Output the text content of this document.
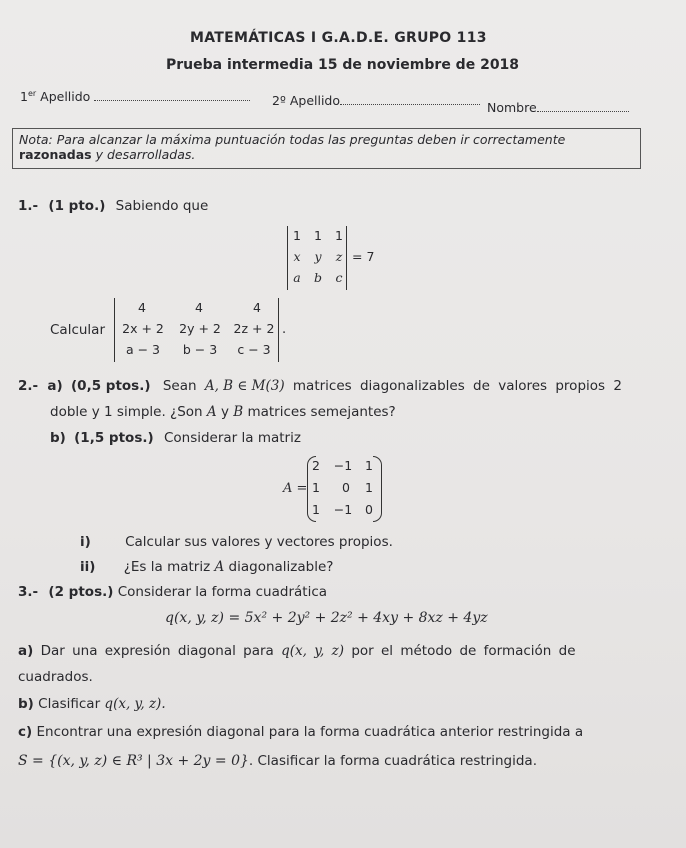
MATEMÁTICAS I G.A.D.E. GRUPO 113
Prueba intermedia 15 de noviembre de 2018
1er Apellido	2º Apellido	Nombre
Nota: Para alcanzar la máxima puntuación todas las preguntas deben ir correctamente
razonadas y desarrolladas.
1.- (1 pto.) Sabiendo que
1	1	1
x	y	z
a	b	c
= 7
Calcular
4	4	4
2x + 2	2y + 2	2z + 2
a − 3	b − 3	c − 3
.
2.- a) (0,5 ptos.) Sean A, B ∈ M(3) matrices diagonalizables de valores propios 2
doble y 1 simple. ¿Son A y B matrices semejantes?
b) (1,5 ptos.) Considerar la matriz
A =
2	−1	1
1	0	1
1	−1	0
i)	Calcular sus valores y vectores propios.
ii) ¿Es la matriz A diagonalizable?
3.- (2 ptos.) Considerar la forma cuadrática
q(x, y, z) = 5x² + 2y² + 2z² + 4xy + 8xz + 4yz
a) Dar una expresión diagonal para q(x, y, z) por el método de formación de
cuadrados.
b) Clasificar q(x, y, z).
c) Encontrar una expresión diagonal para la forma cuadrática anterior restringida a
S = {(x, y, z) ∈ R³ | 3x + 2y = 0}. Clasificar la forma cuadrática restringida.
